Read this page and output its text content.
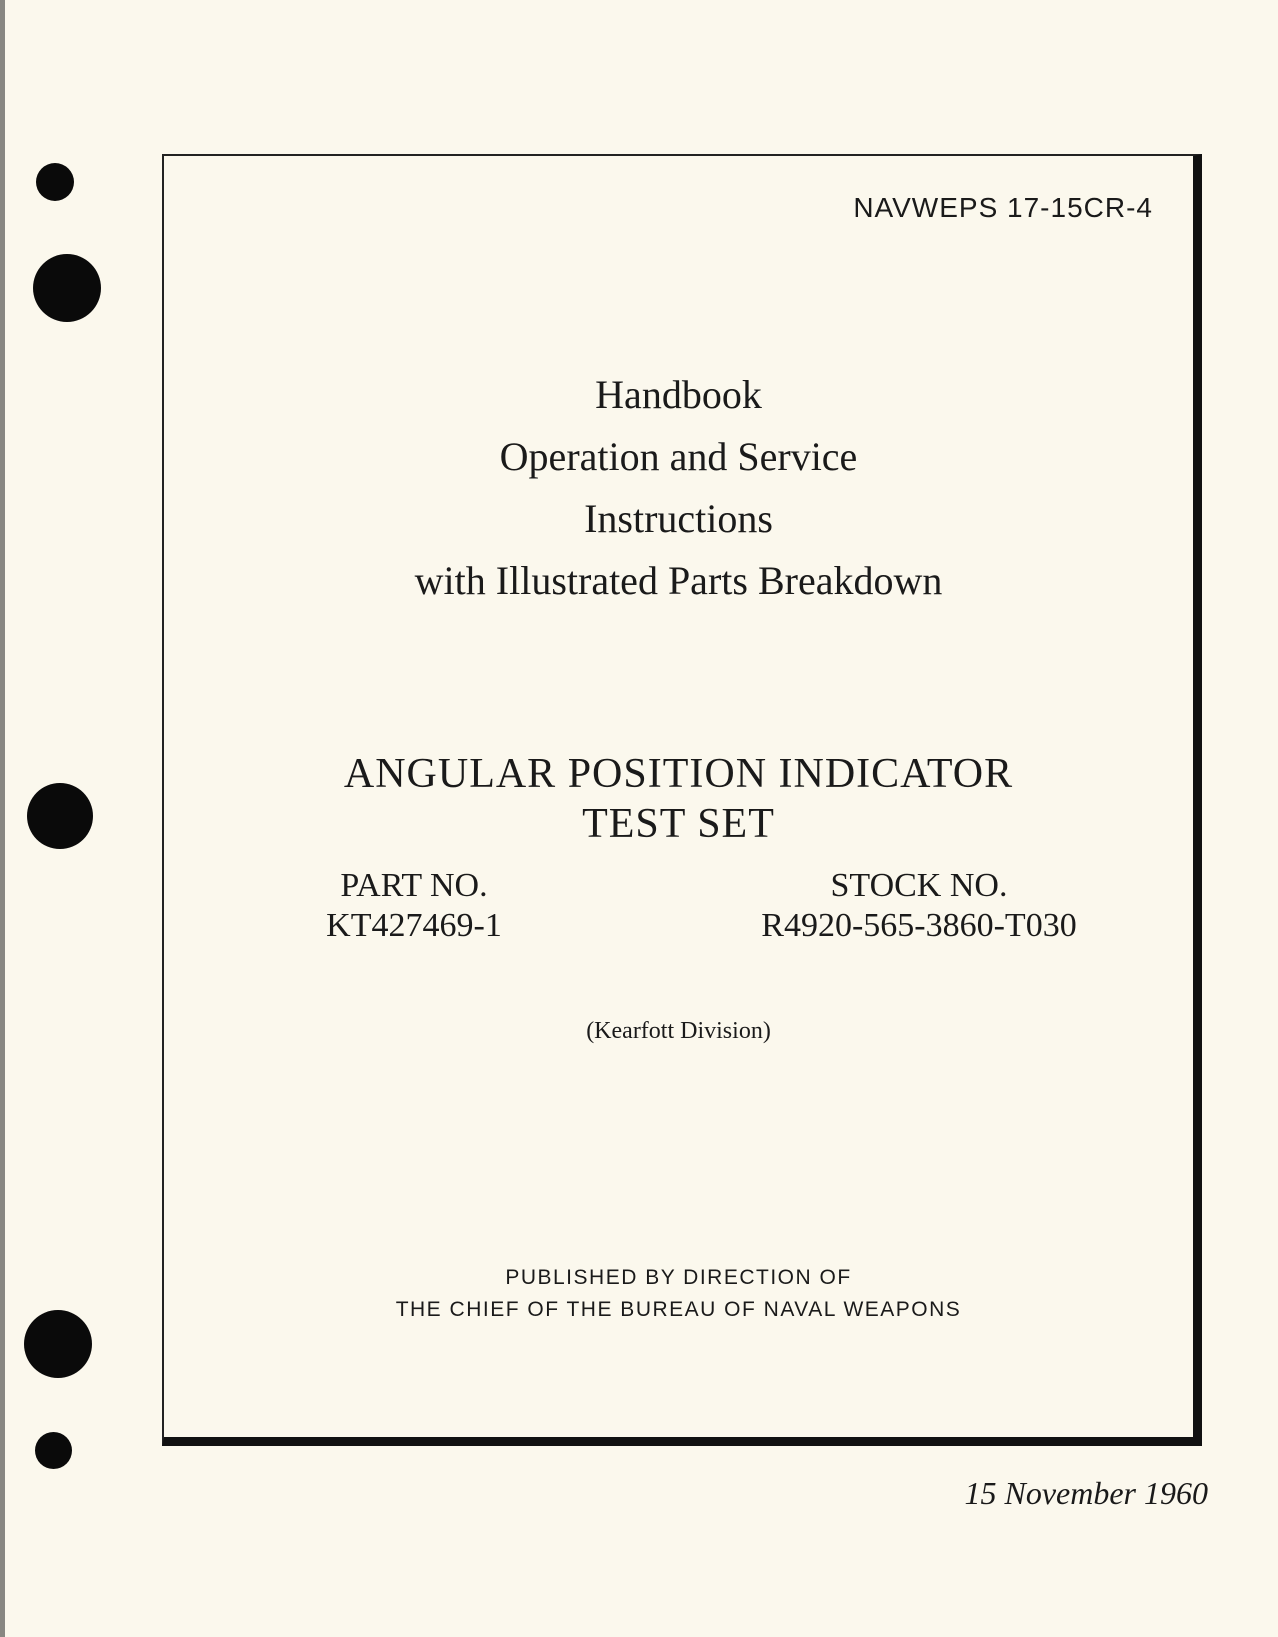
NAVWEPS 17-15CR-4
Handbook
Operation and Service
Instructions
with Illustrated Parts Breakdown
ANGULAR POSITION INDICATOR
TEST SET
PART NO.
KT427469-1
STOCK NO.
R4920-565-3860-T030
(Kearfott Division)
PUBLISHED BY DIRECTION OF
THE CHIEF OF THE BUREAU OF NAVAL WEAPONS
15 November 1960
